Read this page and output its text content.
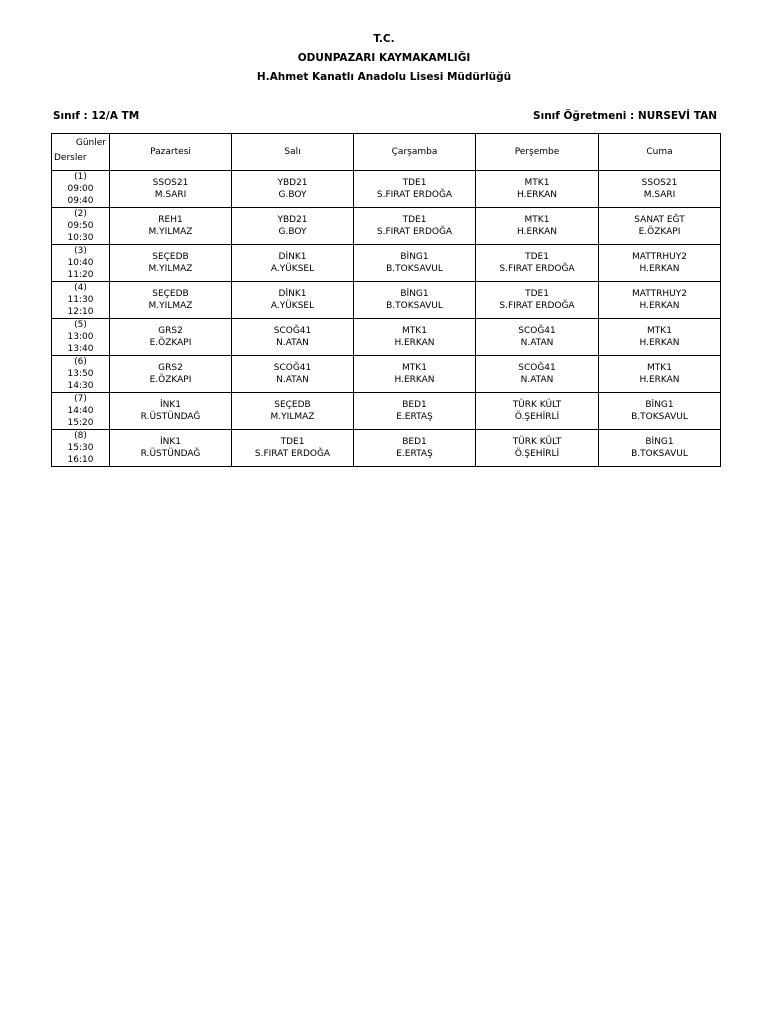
T.C.
ODUNPAZARI KAYMAKAMLIĞI
H.Ahmet Kanatlı Anadolu Lisesi Müdürlüğü
Sınıf : 12/A TM	Sınıf Öğretmeni : NURSEVİ TAN
Günler
Dersler	Pazartesi	Salı	Çarşamba	Perşembe	Cuma

(1)
09:00
09:40	SSOS21
M.SARI	YBD21
G.BOY	TDE1
S.FIRAT ERDOĞA	MTK1
H.ERKAN	SSOS21
M.SARI

(2)
09:50
10:30	REH1
M.YILMAZ	YBD21
G.BOY	TDE1
S.FIRAT ERDOĞA	MTK1
H.ERKAN	SANAT EĞT
E.ÖZKAPI

(3)
10:40
11:20	SEÇEDB
M.YILMAZ	DİNK1
A.YÜKSEL	BİNG1
B.TOKSAVUL	TDE1
S.FIRAT ERDOĞA	MATTRHUY2
H.ERKAN

(4)
11:30
12:10	SEÇEDB
M.YILMAZ	DİNK1
A.YÜKSEL	BİNG1
B.TOKSAVUL	TDE1
S.FIRAT ERDOĞA	MATTRHUY2
H.ERKAN

(5)
13:00
13:40	GRS2
E.ÖZKAPI	SCOĞ41
N.ATAN	MTK1
H.ERKAN	SCOĞ41
N.ATAN	MTK1
H.ERKAN

(6)
13:50
14:30	GRS2
E.ÖZKAPI	SCOĞ41
N.ATAN	MTK1
H.ERKAN	SCOĞ41
N.ATAN	MTK1
H.ERKAN

(7)
14:40
15:20	İNK1
R.ÜSTÜNDAĞ	SEÇEDB
M.YILMAZ	BED1
E.ERTAŞ	TÜRK KÜLT
Ö.ŞEHİRLİ	BİNG1
B.TOKSAVUL

(8)
15:30
16:10	İNK1
R.ÜSTÜNDAĞ	TDE1
S.FIRAT ERDOĞA	BED1
E.ERTAŞ	TÜRK KÜLT
Ö.ŞEHİRLİ	BİNG1
B.TOKSAVUL
